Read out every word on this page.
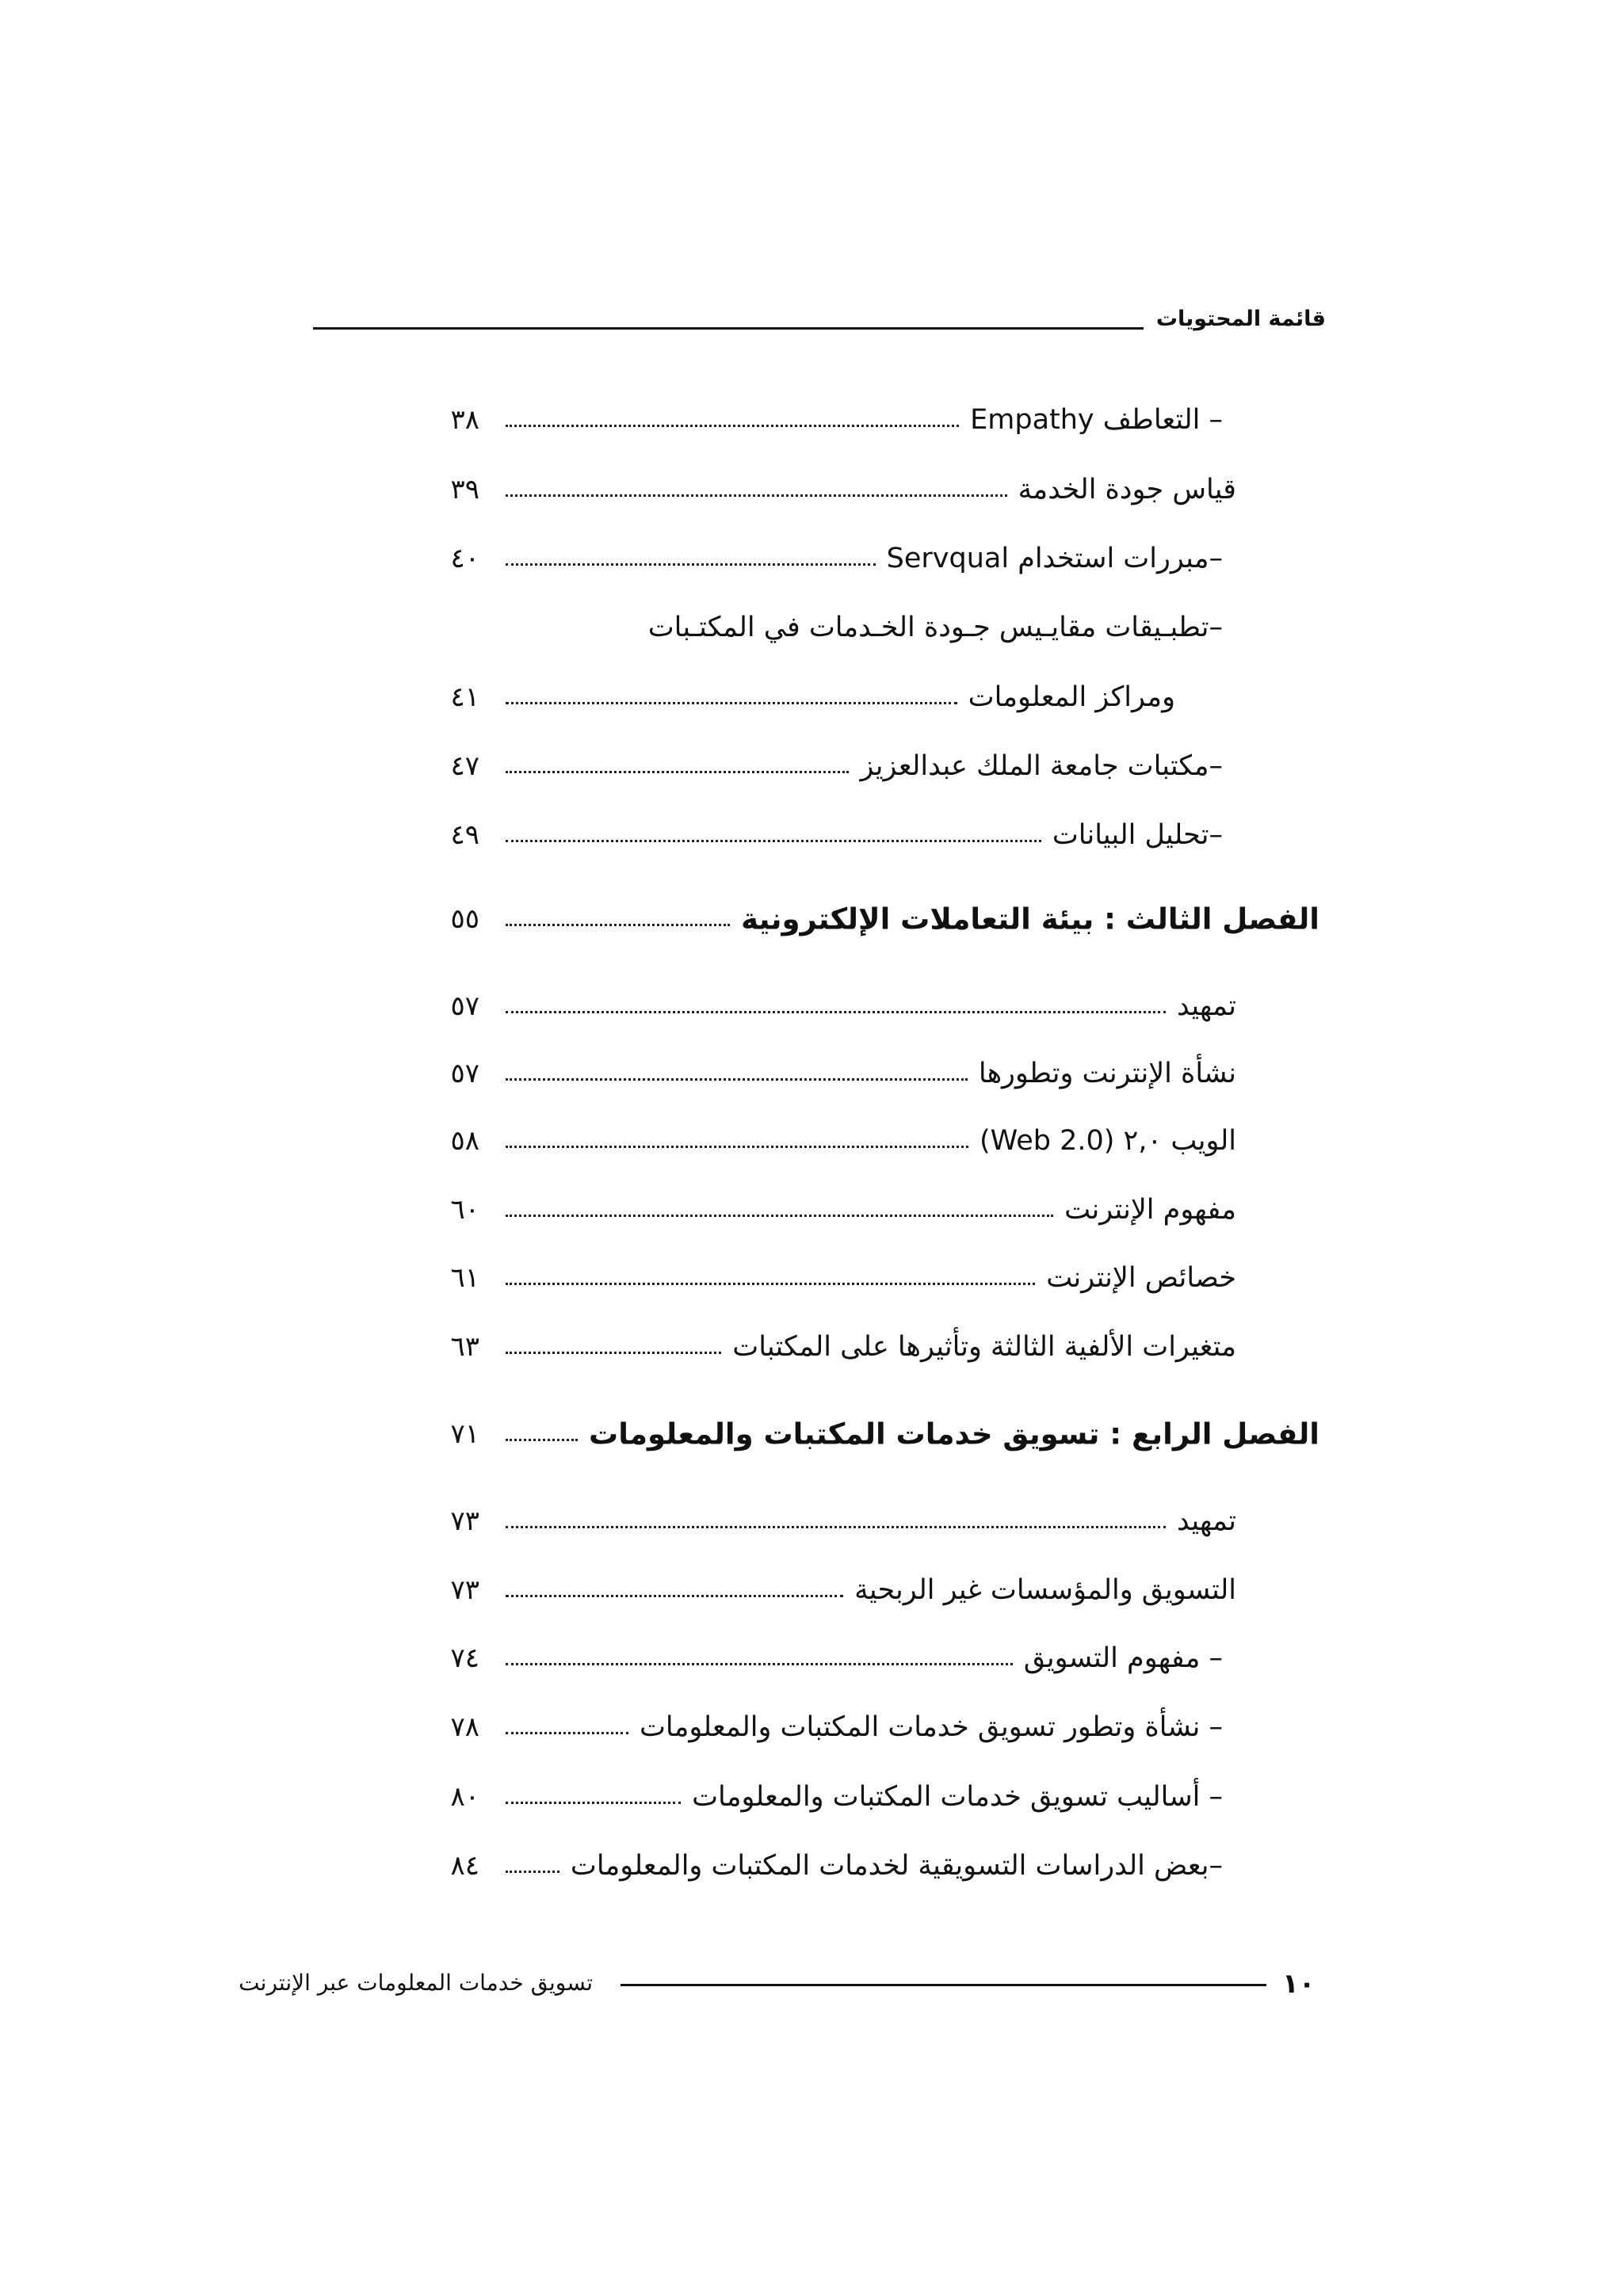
قائمة المحتويات
– التعاطف Empathy
٣٨
قياس جودة الخدمة
٣٩
–مبررات استخدام Servqual
٤٠
–تطبـيقات مقايـيس جـودة الخـدمات في المكتـبات
ومراكز المعلومات
٤١
–مكتبات جامعة الملك عبدالعزيز
٤٧
–تحليل البيانات
٤٩
الفصل الثالث : بيئة التعاملات الإلكترونية
٥٥
تمهيد
٥٧
نشأة الإنترنت وتطورها
٥٧
الويب ٢,٠ (Web 2.0)
٥٨
مفهوم الإنترنت
٦٠
خصائص الإنترنت
٦١
متغيرات الألفية الثالثة وتأثيرها على المكتبات
٦٣
الفصل الرابع : تسويق خدمات المكتبات والمعلومات
٧١
تمهيد
٧٣
التسويق والمؤسسات غير الربحية
٧٣
– مفهوم التسويق
٧٤
– نشأة وتطور تسويق خدمات المكتبات والمعلومات
٧٨
– أساليب تسويق خدمات المكتبات والمعلومات
٨٠
–بعض الدراسات التسويقية لخدمات المكتبات والمعلومات
٨٤
١٠
تسويق خدمات المعلومات عبر الإنترنت
